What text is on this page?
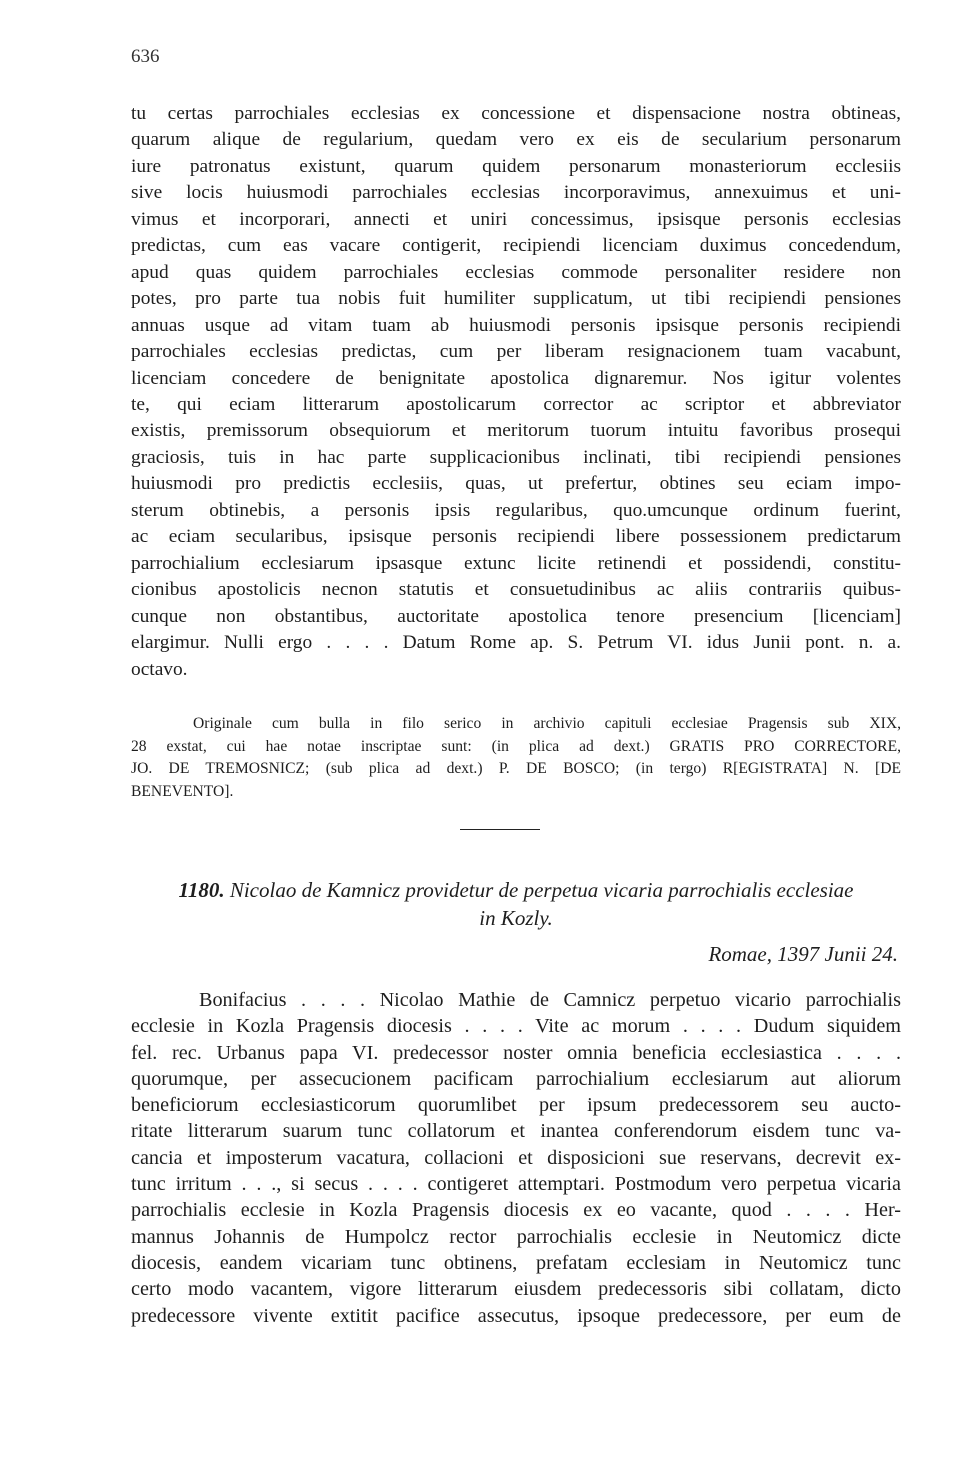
636
tu certas parrochiales ecclesias ex concessione et dispensacione nostra obtineas,
quarum alique de regularium, quedam vero ex eis de secularium personarum
iure patronatus existunt, quarum quidem personarum monasteriorum ecclesiis
sive locis huiusmodi parrochiales ecclesias incorporavimus, annexuimus et uni-
vimus et incorporari, annecti et uniri concessimus, ipsisque personis ecclesias
predictas, cum eas vacare contigerit, recipiendi licenciam duximus concedendum,
apud quas quidem parrochiales ecclesias commode personaliter residere non
potes, pro parte tua nobis fuit humiliter supplicatum, ut tibi recipiendi pensiones
annuas usque ad vitam tuam ab huiusmodi personis ipsisque personis recipiendi
parrochiales ecclesias predictas, cum per liberam resignacionem tuam vacabunt,
licenciam concedere de benignitate apostolica dignaremur. Nos igitur volentes
te, qui eciam litterarum apostolicarum corrector ac scriptor et abbreviator
existis, premissorum obsequiorum et meritorum tuorum intuitu favoribus prosequi
graciosis, tuis in hac parte supplicacionibus inclinati, tibi recipiendi pensiones
huiusmodi pro predictis ecclesiis, quas, ut prefertur, obtines seu eciam impo-
sterum obtinebis, a personis ipsis regularibus, quo.umcunque ordinum fuerint,
ac eciam secularibus, ipsisque personis recipiendi libere possessionem predictarum
parrochialium ecclesiarum ipsasque extunc licite retinendi et possidendi, constitu-
cionibus apostolicis necnon statutis et consuetudinibus ac aliis contrariis quibus-
cunque non obstantibus, auctoritate apostolica tenore presencium [licenciam]
elargimur. Nulli ergo . . . . Datum Rome ap. S. Petrum VI. idus Junii pont. n. a.
octavo.
Originale cum bulla in filo serico in archivio capituli ecclesiae Pragensis sub XIX,
28 exstat, cui hae notae inscriptae sunt: (in plica ad dext.) GRATIS PRO CORRECTORE,
JO. DE TREMOSNICZ; (sub plica ad dext.) P. DE BOSCO; (in tergo) R[EGISTRATA] N. [DE
BENEVENTO].
1180. Nicolao de Kamnicz providetur de perpetua vicaria parrochialis ecclesiae
in Kozly.
Romae, 1397 Junii 24.
Bonifacius . . . . Nicolao Mathie de Camnicz perpetuo vicario parrochialis
ecclesie in Kozla Pragensis diocesis . . . . Vite ac morum . . . . Dudum siquidem
fel. rec. Urbanus papa VI. predecessor noster omnia beneficia ecclesiastica . . . .
quorumque, per assecucionem pacificam parrochialium ecclesiarum aut aliorum
beneficiorum ecclesiasticorum quorumlibet per ipsum predecessorem seu aucto-
ritate litterarum suarum tunc collatorum et inantea conferendorum eisdem tunc va-
cancia et imposterum vacatura, collacioni et disposicioni sue reservans, decrevit ex-
tunc irritum . . ., si secus . . . . contigeret attemptari. Postmodum vero perpetua vicaria
parrochialis ecclesie in Kozla Pragensis diocesis ex eo vacante, quod . . . . Her-
mannus Johannis de Humpolcz rector parrochialis ecclesie in Neutomicz dicte
diocesis, eandem vicariam tunc obtinens, prefatam ecclesiam in Neutomicz tunc
certo modo vacantem, vigore litterarum eiusdem predecessoris sibi collatam, dicto
predecessore vivente extitit pacifice assecutus, ipsoque predecessore, per eum de
